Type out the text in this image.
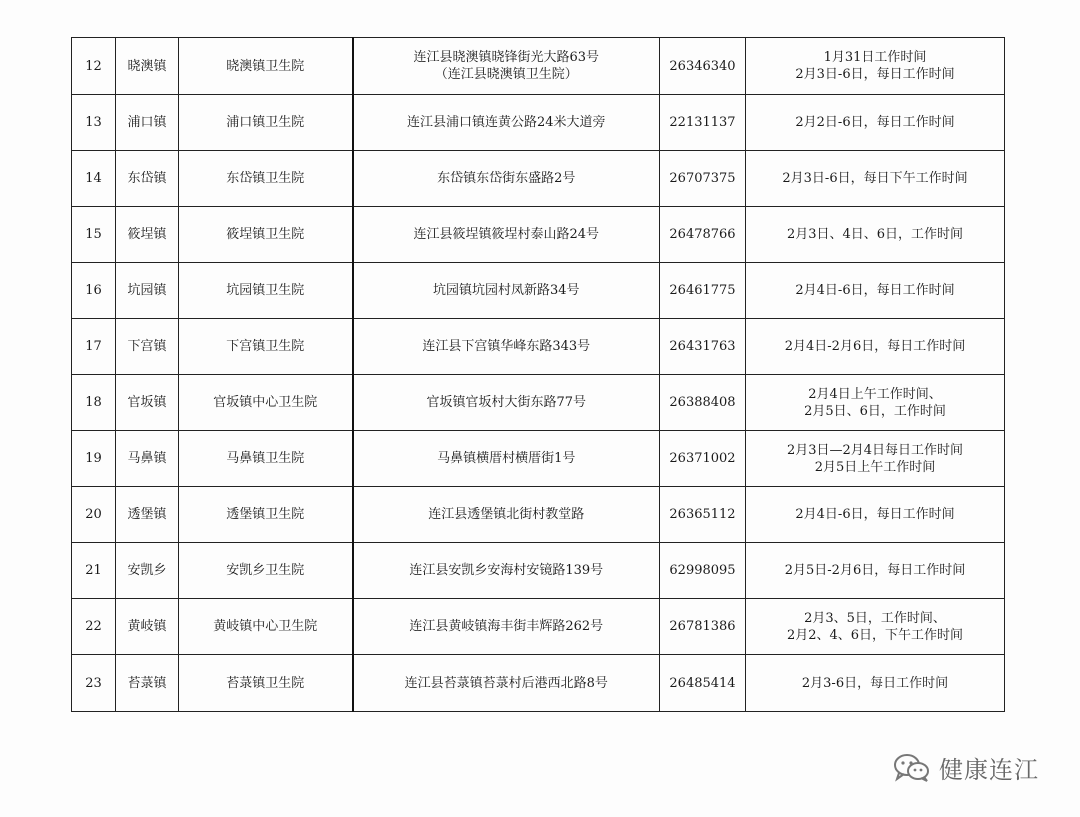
12	晓澳镇	晓澳镇卫生院	连江县晓澳镇晓锋街光大路63号
（连江县晓澳镇卫生院）	26346340	1月31日工作时间
2月3日-6日，每日工作时间

13	浦口镇	浦口镇卫生院	连江县浦口镇连黄公路24米大道旁	22131137	2月2日-6日，每日工作时间

14	东岱镇	东岱镇卫生院	东岱镇东岱街东盛路2号	26707375	2月3日-6日，每日下午工作时间

15	筱埕镇	筱埕镇卫生院	连江县筱埕镇筱埕村泰山路24号	26478766	2月3日、4日、6日，工作时间

16	坑园镇	坑园镇卫生院	坑园镇坑园村凤新路34号	26461775	2月4日-6日，每日工作时间

17	下宫镇	下宫镇卫生院	连江县下宫镇华峰东路343号	26431763	2月4日-2月6日，每日工作时间

18	官坂镇	官坂镇中心卫生院	官坂镇官坂村大街东路77号	26388408	2月4日上午工作时间、
2月5日、6日，工作时间

19	马鼻镇	马鼻镇卫生院	马鼻镇横厝村横厝街1号	26371002	2月3日—2月4日每日工作时间
2月5日上午工作时间

20	透堡镇	透堡镇卫生院	连江县透堡镇北街村教堂路	26365112	2月4日-6日，每日工作时间

21	安凯乡	安凯乡卫生院	连江县安凯乡安海村安镜路139号	62998095	2月5日-2月6日，每日工作时间

22	黄岐镇	黄岐镇中心卫生院	连江县黄岐镇海丰街丰辉路262号	26781386	2月3、5日，工作时间、
2月2、4、6日，下午工作时间

23	苔菉镇	苔菉镇卫生院	连江县苔菉镇苔菉村后港西北路8号	26485414	2月3-6日，每日工作时间
健康连江
